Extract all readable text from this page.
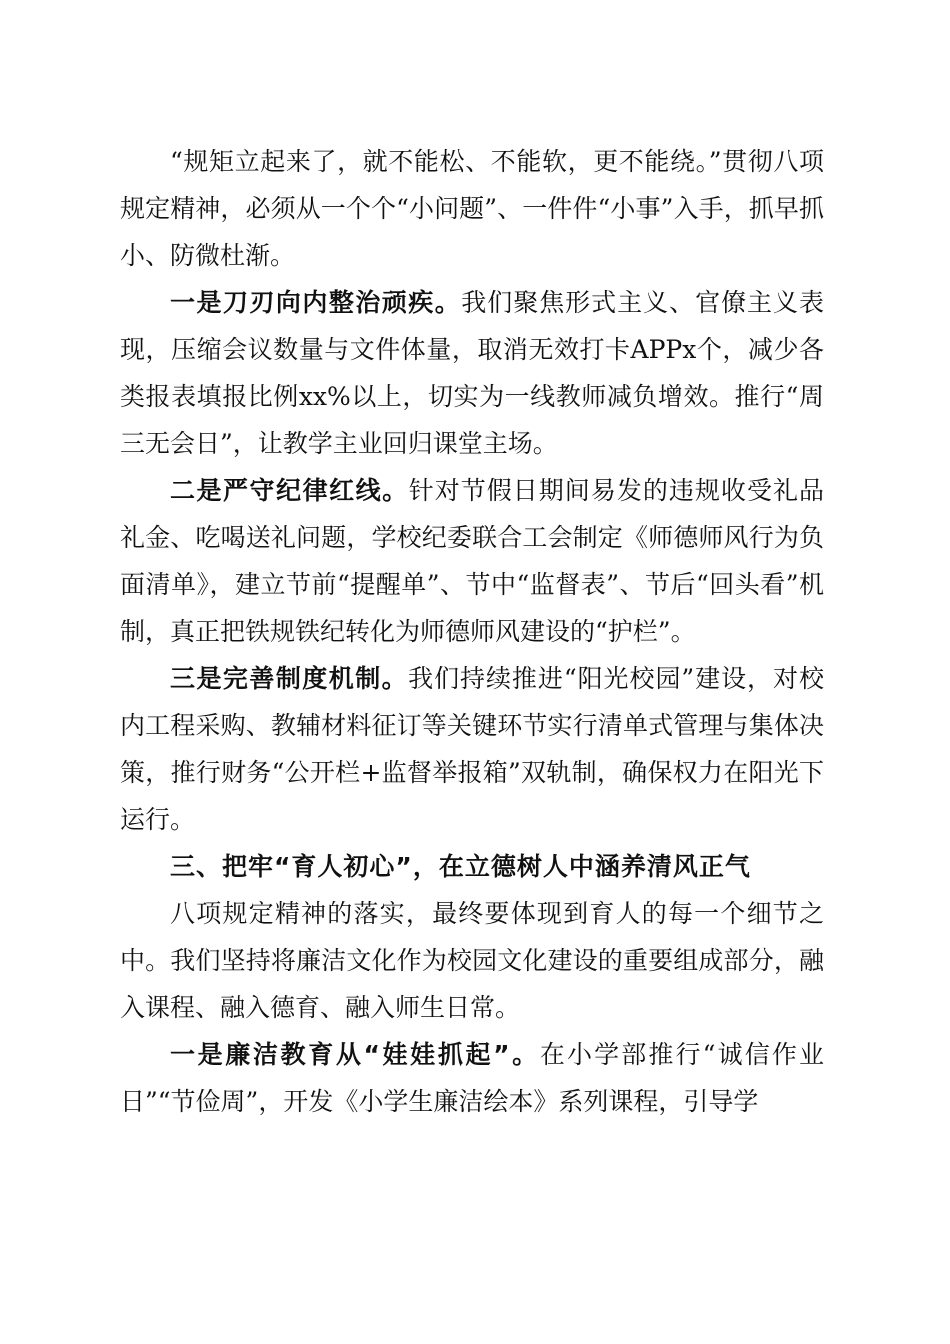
“规矩立起来了，就不能松、不能软，更不能绕。”贯彻八项规定精神，必须从一个个“小问题”、一件件“小事”入手，抓早抓小、防微杜渐。

一是刀刃向内整治顽疾。我们聚焦形式主义、官僚主义表现，压缩会议数量与文件体量，取消无效打卡APPx个，减少各类报表填报比例xx%以上，切实为一线教师减负增效。推行“周三无会日”，让教学主业回归课堂主场。

二是严守纪律红线。针对节假日期间易发的违规收受礼品礼金、吃喝送礼问题，学校纪委联合工会制定《师德师风行为负面清单》，建立节前“提醒单”、节中“监督表”、节后“回头看”机制，真正把铁规铁纪转化为师德师风建设的“护栏”。

三是完善制度机制。我们持续推进“阳光校园”建设，对校内工程采购、教辅材料征订等关键环节实行清单式管理与集体决策，推行财务“公开栏+监督举报箱”双轨制，确保权力在阳光下运行。

三、把牢“育人初心”，在立德树人中涵养清风正气

八项规定精神的落实，最终要体现到育人的每一个细节之中。我们坚持将廉洁文化作为校园文化建设的重要组成部分，融入课程、融入德育、融入师生日常。

一是廉洁教育从“娃娃抓起”。在小学部推行“诚信作业日”“节俭周”，开发《小学生廉洁绘本》系列课程，引导学
